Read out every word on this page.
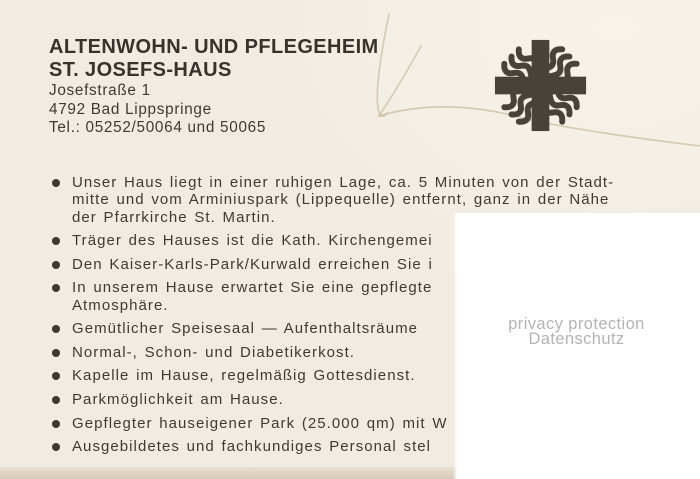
ALTENWOHN- UND PFLEGEHEIM
ST. JOSEFS-HAUS
Josefstraße 1
4792 Bad Lippspringe
Tel.: 05252/50064 und 50065
Unser Haus liegt in einer ruhigen Lage, ca. 5 Minuten von der Stadt-
mitte und vom Arminiuspark (Lippequelle) entfernt, ganz in der Nähe
der Pfarrkirche St. Martin.
Träger des Hauses ist die Kath. Kirchengemei
Den Kaiser-Karls-Park/Kurwald erreichen Sie i
In unserem Hause erwartet Sie eine gepflegte
Atmosphäre.
Gemütlicher Speisesaal — Aufenthaltsräume
Normal-, Schon- und Diabetikerkost.
Kapelle im Hause, regelmäßig Gottesdienst.
Parkmöglichkeit am Hause.
Gepflegter hauseigener Park (25.000 qm) mit W
Ausgebildetes und fachkundiges Personal stel
privacy protection
Datenschutz
